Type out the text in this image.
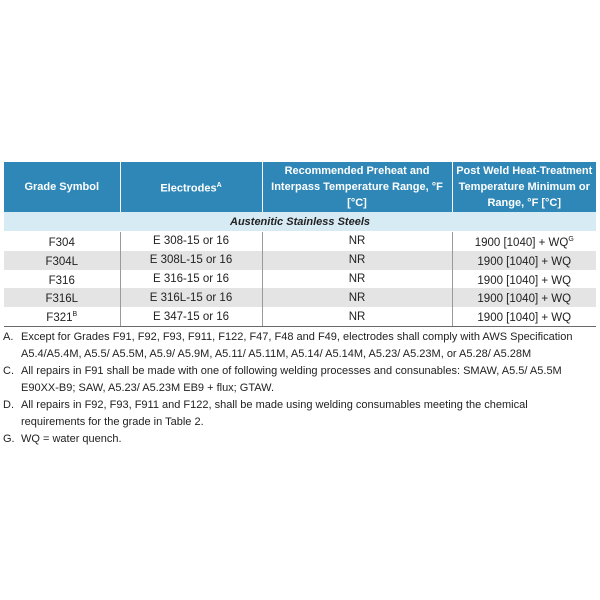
Grade Symbol	Electrodes$^A$	Recommended Preheat and
Interpass Temperature Range, °F
[°C]	Post Weld Heat-Treatment
Temperature Minimum or
Range, °F [°C]
Austenitic Stainless Steels			
F304	E 308-15 or 16	NR	1900 $[1040] + WQ^G$
F304L	E 308L-15 or 16	NR	1900 [1040] + WQ
F316	E 316-15 or 16	NR	1900 [1040] + WQ
F316L	E 316L-15 or 16	NR	1900 [1040] + WQ
$F321^B$	E 347-15 or 16	NR	1900 [1040] + WQ
A. Except for Grades F91, F92, F93, F911, F122, F47, F48 and F49, electrodes shall comply with AWS Specification A5.4/A5.4M, A5.5/ A5.5M, A5.9/ A5.9M, A5.11/ A5.11M, A5.14/ A5.14M, A5.23/ A5.23M, or A5.28/ A5.28M
C. All repairs in F91 shall be made with one of following welding processes and consunables: SMAW, A5.5/ A5.5M E90XX-B9; SAW, A5.23/ A5.23M EB9 + flux; GTAW.
D. All repairs in F92, F93, F911 and F122, shall be made using welding consumables meeting the chemical requirements for the grade in Table 2.
G. WQ = water quench.
